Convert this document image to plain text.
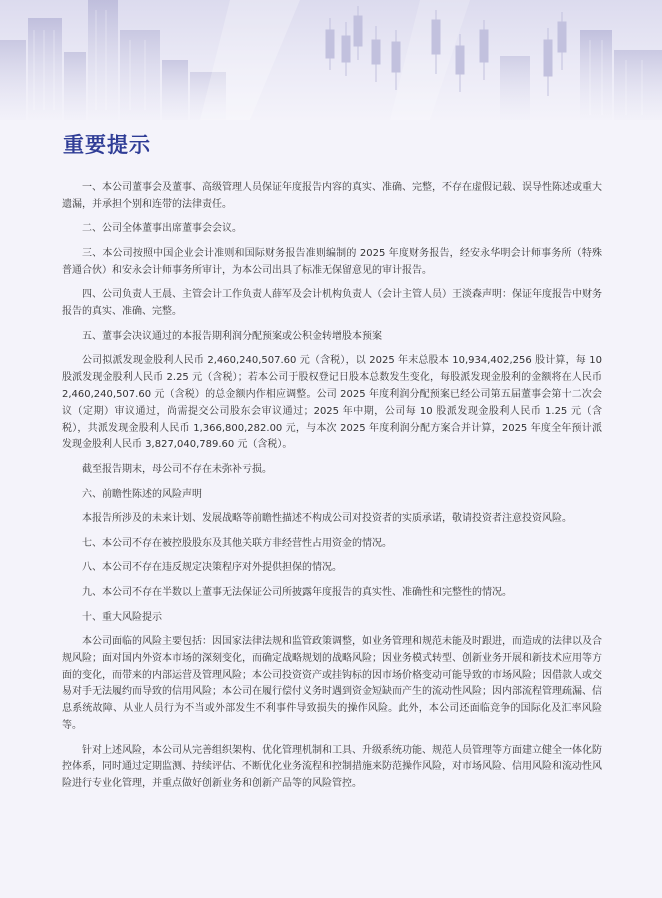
重要提示

一、本公司董事会及董事、高级管理人员保证年度报告内容的真实、准确、完整，不存在虚假记载、误导性陈述或重大遗漏，并承担个别和连带的法律责任。

二、公司全体董事出席董事会会议。

三、本公司按照中国企业会计准则和国际财务报告准则编制的 2025 年度财务报告，经安永华明会计师事务所（特殊普通合伙）和安永会计师事务所审计，为本公司出具了标准无保留意见的审计报告。

四、公司负责人王晨、主管会计工作负责人薛军及会计机构负责人（会计主管人员）王淡森声明：保证年度报告中财务报告的真实、准确、完整。

五、董事会决议通过的本报告期利润分配预案或公积金转增股本预案

公司拟派发现金股利人民币 2,460,240,507.60 元（含税），以 2025 年末总股本 10,934,402,256 股计算，每 10 股派发现金股利人民币 2.25 元（含税）；若本公司于股权登记日股本总数发生变化，每股派发现金股利的金额将在人民币 2,460,240,507.60 元（含税）的总金额内作相应调整。公司 2025 年度利润分配预案已经公司第五届董事会第十二次会议（定期）审议通过，尚需提交公司股东会审议通过；2025 年中期，公司每 10 股派发现金股利人民币 1.25 元（含税），共派发现金股利人民币 1,366,800,282.00 元，与本次 2025 年度利润分配方案合并计算，2025 年度全年预计派发现金股利人民币 3,827,040,789.60 元（含税）。

截至报告期末，母公司不存在未弥补亏损。

六、前瞻性陈述的风险声明

本报告所涉及的未来计划、发展战略等前瞻性描述不构成公司对投资者的实质承诺，敬请投资者注意投资风险。

七、本公司不存在被控股股东及其他关联方非经营性占用资金的情况。

八、本公司不存在违反规定决策程序对外提供担保的情况。

九、本公司不存在半数以上董事无法保证公司所披露年度报告的真实性、准确性和完整性的情况。

十、重大风险提示

本公司面临的风险主要包括：因国家法律法规和监管政策调整，如业务管理和规范未能及时跟进，而造成的法律以及合规风险；面对国内外资本市场的深刻变化，而确定战略规划的战略风险；因业务模式转型、创新业务开展和新技术应用等方面的变化，而带来的内部运营及管理风险；本公司投资资产或挂钩标的因市场价格变动可能导致的市场风险；因借款人或交易对手无法履约而导致的信用风险；本公司在履行偿付义务时遇到资金短缺而产生的流动性风险；因内部流程管理疏漏、信息系统故障、从业人员行为不当或外部发生不利事件导致损失的操作风险。此外，本公司还面临竞争的国际化及汇率风险等。

针对上述风险，本公司从完善组织架构、优化管理机制和工具、升级系统功能、规范人员管理等方面建立健全一体化防控体系，同时通过定期监测、持续评估、不断优化业务流程和控制措施来防范操作风险，对市场风险、信用风险和流动性风险进行专业化管理，并重点做好创新业务和创新产品等的风险管控。
